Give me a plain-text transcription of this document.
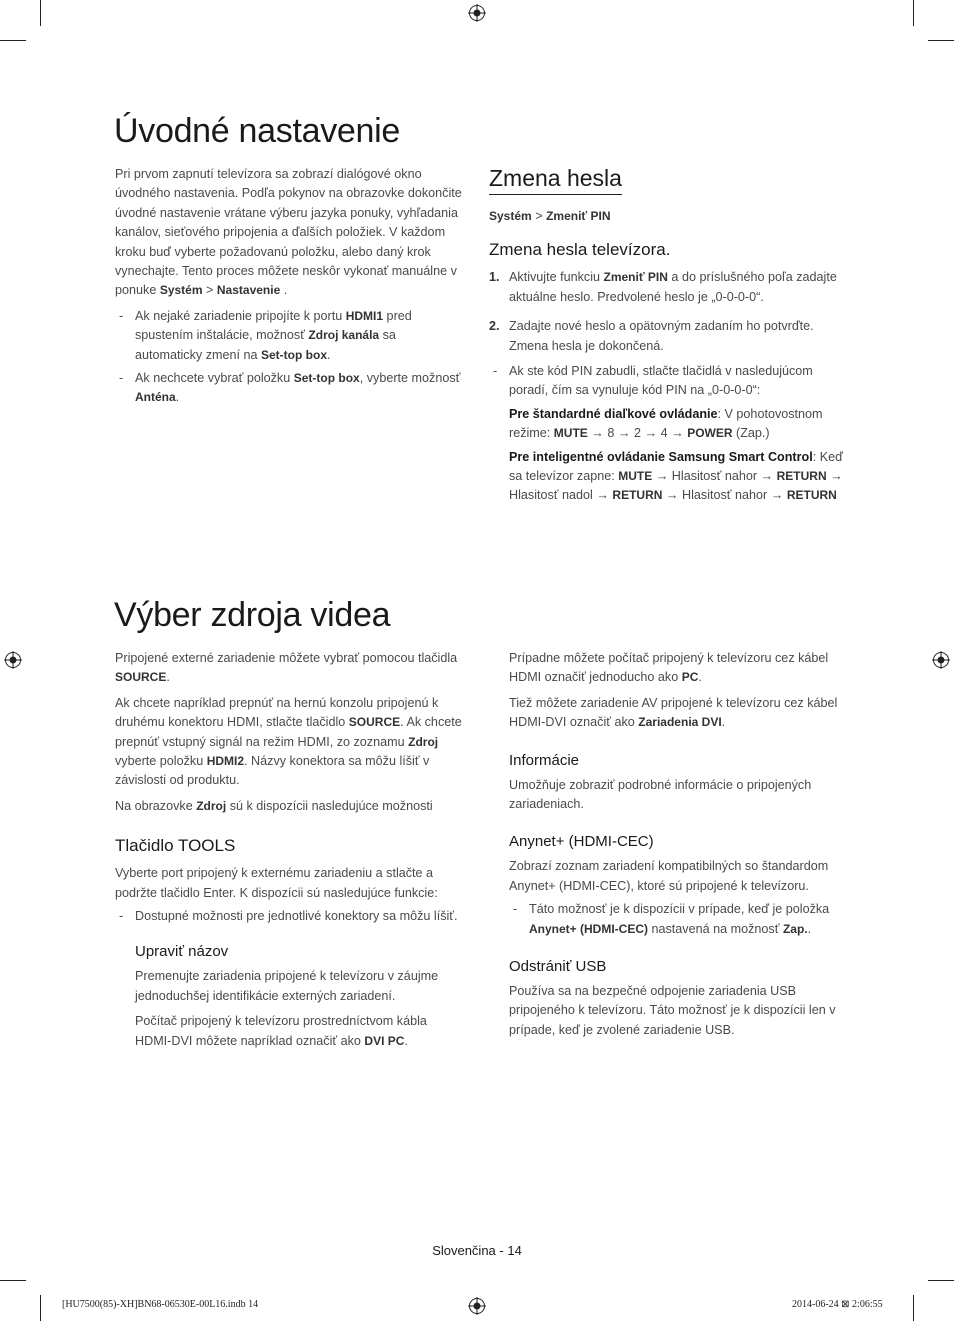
Úvodné nastavenie

Pri prvom zapnutí televízora sa zobrazí dialógové okno úvodného nastavenia. Podľa pokynov na obrazovke dokončite úvodné nastavenie vrátane výberu jazyka ponuky, vyhľadania kanálov, sieťového pripojenia a ďalších položiek. V každom kroku buď vyberte požadovanú položku, alebo daný krok vynechajte. Tento proces môžete neskôr vykonať manuálne v ponuke Systém > Nastavenie .

- Ak nejaké zariadenie pripojíte k portu HDMI1 pred spustením inštalácie, možnosť Zdroj kanála sa automaticky zmení na Set-top box.
- Ak nechcete vybrať položku Set-top box, vyberte možnosť Anténa.
Zmena hesla

Systém > Zmeniť PIN

Zmena hesla televízora.
1. Aktivujte funkciu Zmeniť PIN a do príslušného poľa zadajte aktuálne heslo. Predvolené heslo je „0-0-0-0“.
2. Zadajte nové heslo a opätovným zadaním ho potvrďte. Zmena hesla je dokončená.
- Ak ste kód PIN zabudli, stlačte tlačidlá v nasledujúcom poradí, čím sa vynuluje kód PIN na „0-0-0-0“:
Pre štandardné diaľkové ovládanie: V pohotovostnom režime: MUTE → 8 → 2 → 4 → POWER (Zap.)
Pre inteligentné ovládanie Samsung Smart Control: Keď sa televízor zapne: MUTE → Hlasitosť nahor → RETURN → Hlasitosť nadol → RETURN → Hlasitosť nahor → RETURN
Výber zdroja videa

Pripojené externé zariadenie môžete vybrať pomocou tlačidla SOURCE.

Ak chcete napríklad prepnúť na hernú konzolu pripojenú k druhému konektoru HDMI, stlačte tlačidlo SOURCE. Ak chcete prepnúť vstupný signál na režim HDMI, zo zoznamu Zdroj vyberte položku HDMI2. Názvy konektora sa môžu líšiť v závislosti od produktu.

Na obrazovke Zdroj sú k dispozícii nasledujúce možnosti

Tlačidlo TOOLS

Vyberte port pripojený k externému zariadeniu a stlačte a podržte tlačidlo Enter. K dispozícii sú nasledujúce funkcie:

- Dostupné možnosti pre jednotlivé konektory sa môžu líšiť.
Upraviť názov

Premenujte zariadenia pripojené k televízoru v záujme jednoduchšej identifikácie externých zariadení.

Počítač pripojený k televízoru prostredníctvom kábla HDMI-DVI môžete napríklad označiť ako DVI PC.

Prípadne môžete počítač pripojený k televízoru cez kábel HDMI označiť jednoducho ako PC.

Tiež môžete zariadenie AV pripojené k televízoru cez kábel HDMI-DVI označiť ako Zariadenia DVI.

Informácie

Umožňuje zobraziť podrobné informácie o pripojených zariadeniach.

Anynet+ (HDMI-CEC)

Zobrazí zoznam zariadení kompatibilných so štandardom Anynet+ (HDMI-CEC), ktoré sú pripojené k televízoru.

- Táto možnosť je k dispozícii v prípade, keď je položka Anynet+ (HDMI-CEC) nastavená na možnosť Zap..
Odstrániť USB

Používa sa na bezpečné odpojenie zariadenia USB pripojeného k televízoru. Táto možnosť je k dispozícii len v prípade, keď je zvolené zariadenie USB.

Slovenčina - 14
[HU7500(85)-XH]BN68-06530E-00L16.indb 14	2014-06-24 ⊠ 2:06:55
